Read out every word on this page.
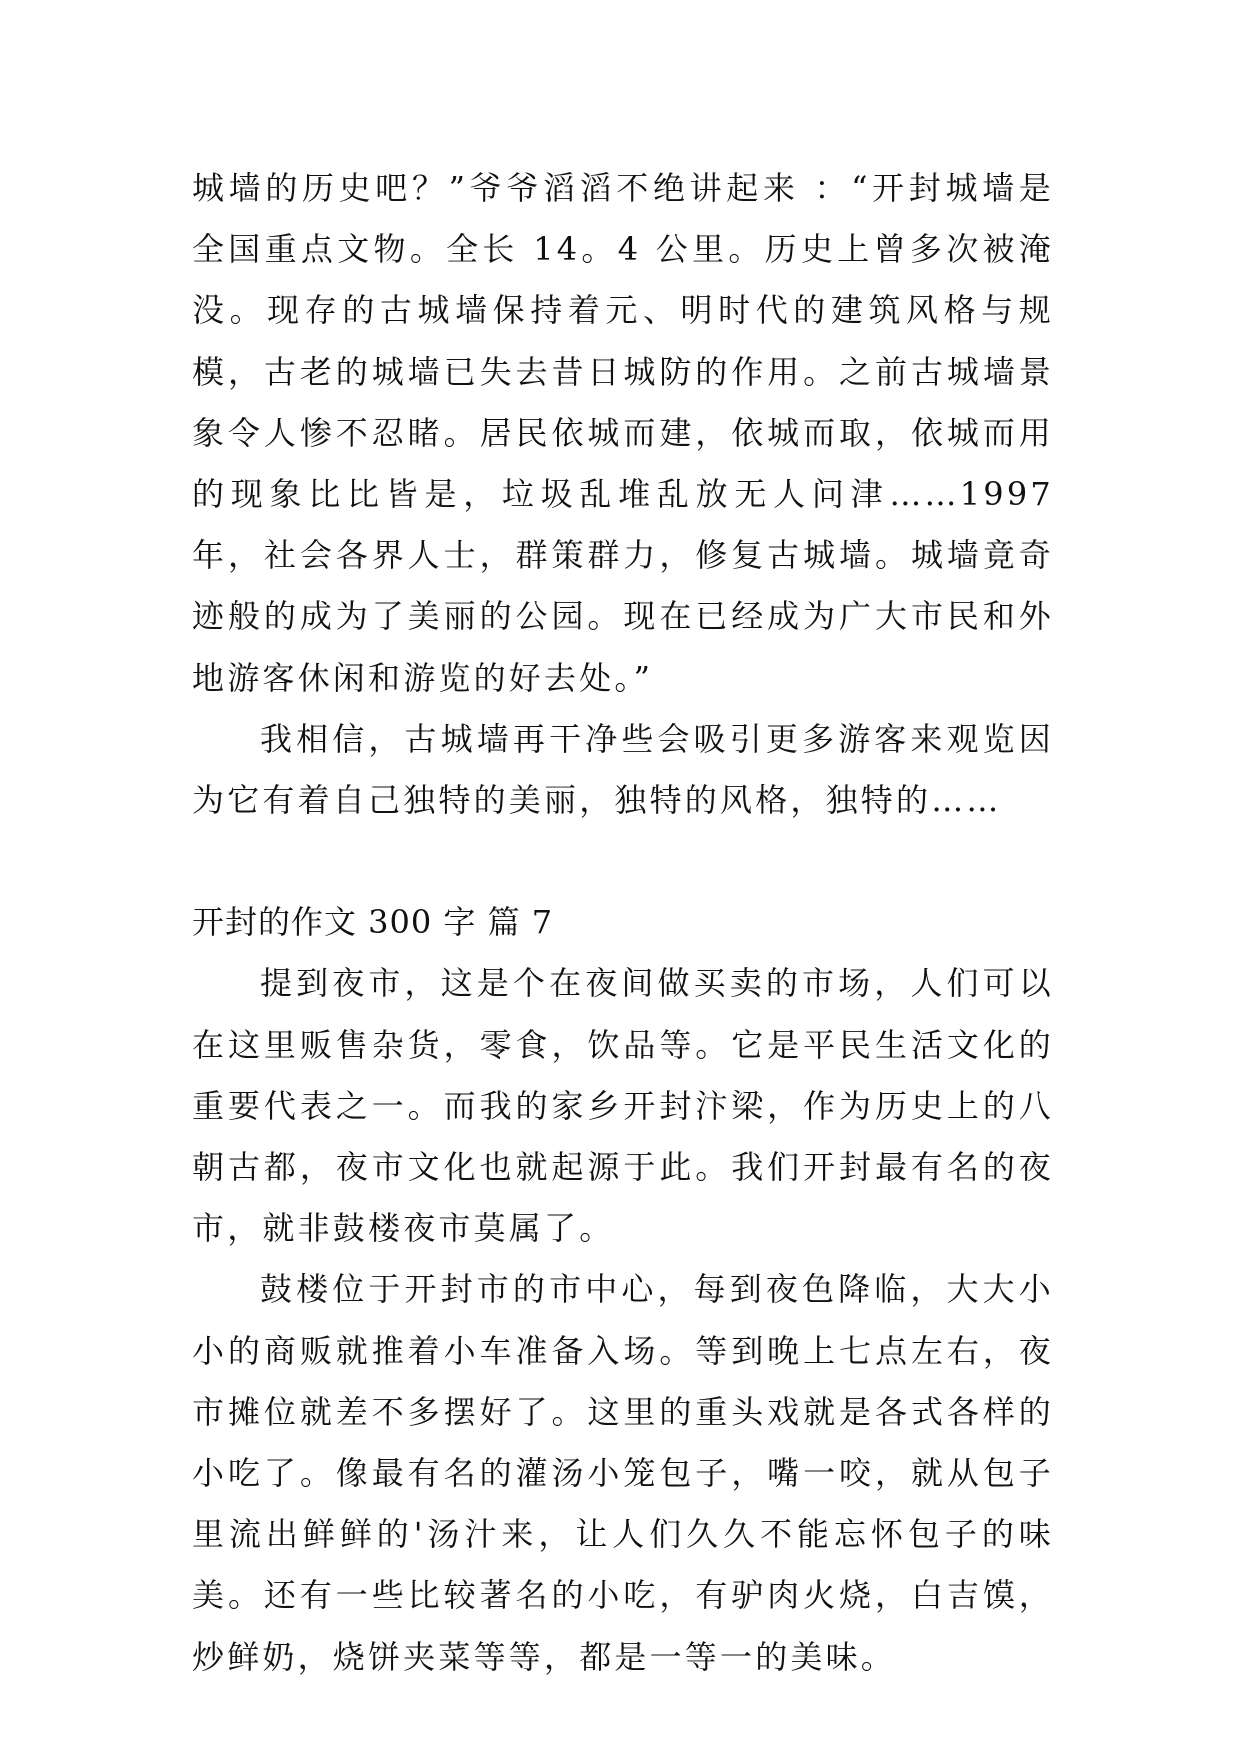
城墙的历史吧？”爷爷滔滔不绝讲起来 ：“开封城墙是全国重点文物。全长 14。4 公里。历史上曾多次被淹没。现存的古城墙保持着元、明时代的建筑风格与规模，古老的城墙已失去昔日城防的作用。之前古城墙景象令人惨不忍睹。居民依城而建，依城而取，依城而用的现象比比皆是，垃圾乱堆乱放无人问津……1997 年，社会各界人士，群策群力，修复古城墙。城墙竟奇迹般的成为了美丽的公园。现在已经成为广大市民和外地游客休闲和游览的好去处。”

我相信，古城墙再干净些会吸引更多游客来观览因为它有着自己独特的美丽，独特的风格，独特的……

开封的作文 300 字 篇 7

提到夜市，这是个在夜间做买卖的市场，人们可以在这里贩售杂货，零食，饮品等。它是平民生活文化的重要代表之一。而我的家乡开封汴梁，作为历史上的八朝古都，夜市文化也就起源于此。我们开封最有名的夜市，就非鼓楼夜市莫属了。

鼓楼位于开封市的市中心，每到夜色降临，大大小小的商贩就推着小车准备入场。等到晚上七点左右，夜市摊位就差不多摆好了。这里的重头戏就是各式各样的小吃了。像最有名的灌汤小笼包子，嘴一咬，就从包子里流出鲜鲜的'汤汁来，让人们久久不能忘怀包子的味美。还有一些比较著名的小吃，有驴肉火烧，白吉馍，炒鲜奶，烧饼夹菜等等，都是一等一的美味。
